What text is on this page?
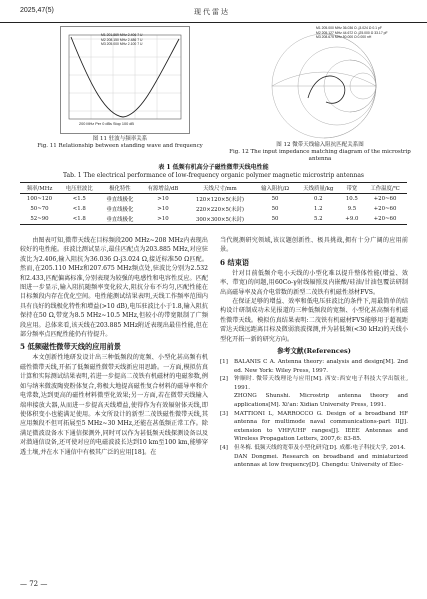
2025,47(5)	现代雷达
M1 201.869 MHz 2.406 7 U
M2 208.150 MHz 2.486 7 U
M3 205.000 MHz 2.100 7 U
200 MHz Per 0 dBs Stop 100 dB
图 11 驻波与频率关系
Fig. 11 Relationship between standing wave and frequency
M1 205.000 MHz 36.036 Ω -j3.024 Ω 0.1 pF
M2 205.127 MHz 44.672 Ω -j25.000 Ω 33.17 pF
M3 208.675 MHz 50.000 Ω 0.000 nH
图 12 微带天线输入阻抗匹配关系图
Fig. 12 The input impedance matching diagram of the microstrip antenna
表 1 低频有机高分子磁性微带天线电性能
Tab. 1 The electrical performance of low-frequency organic polymer magnetic microstrip antennas
频率/MHz	电压驻波比	极化特性	有源增益/dB	天线尺寸/mm	输入阻抗/Ω	天线质量/kg	带宽	工作温度/℃

100~120	<1.5	垂直线极化	>10	120×120×5(未封)	50	0.2	10.5	+20~60
50~70	<1.8	垂直线极化	>10	220×220×5(未封)	50	1.2	9.5	+20~60
52~90	<1.8	垂直线极化	>10	300×300×5(未封)	50	5.2	+9.0	+20~60

由图表可知,微带天线在目标频段200 MHz~208 MHz内表现出较好的电性能。驻波比测试显示,最佳匹配点为203.885 MHz,对应驻波比为2.406,输入阻抗为36.036 Ω-j3.024 Ω,接近标准50 Ω匹配。然而,在205.110 MHz和207.675 MHz频点处,驻波比分别为2.532和2.433,匹配偏离标准,分别表现为较强的电感性和电容性反应。匹配图进一步显示,输入阻抗随频率变化较大,阻抗分布不均匀,匹配性能在目标频段内存在优化空间。电性能测试结果表明,天线工作频率范围内具有良好的线极化特性和增益(>10 dB),电压驻波比小于1.8,输入阻抗保持在50 Ω,带宽为8.5 MHz~10.5 MHz,但较小的带宽限制了广频段应用。总体来看,该天线在203.885 MHz附近表现出最佳性能,但在部分频率点匹配性能仍有待提升。

5 低频磁性微带天线的应用前景

本文创新性地研发设计出三种低频段的宽频、小型化甚高频有机磁性微带天线,开拓了低频磁性微带天线新应用思路。一方面,模拟仿真计算和实际测试结果表明,若进一步提高二茂铁有机磁材的电磁参数,例如与纳米微波陶瓷粉体复合,将极大地提高磁性复合材料的磁导率和介电常数,达到更高的磁性材料微型化效果;另一方面,若在微带天线输入端串接放大器,从而进一步提高天线增益,使得作为有效辐射体天线,即使体积变小也能满足使用。本文所设计的新型二茂铁磁性微带天线,其应用频段不但可拓展至5 MHz~30 MHz,还能在甚低频正常工作。除满足微波设备水下通信探测外,同时可以作为甚低频天线探测设备以及对潜通信设备,还可使对应的电磁波波长达到10 km至100 km,能够穿透土壤,并在水下通信中有极其广泛的应用[18]。在

当代规测研究领域,该议题创新性、极具挑战,拥有十分广阔的应用前景。

6 结束语

针对目前低频介电小天线的小型化难以提升整体性能(增益、效率、带宽)的问题,用60Co-γ射线辐照及内嵌酸/硅油/甘油包覆法研制出高磁导率及高介电常数的新型二茂铁有机磁性基材FVS。

在保证足够的增益、效率和低电压驻波比的条件下,用最简单的结构设计研制成功未见报道的三种低频段的宽频、小型化甚高频有机磁性微带天线。模拟仿真结果表明:二茂铁有机磁材FVS能够用于超视距雷达天线远距离目标及微弱浪波探测,并为甚低频(<30 kHz)的天线小型化开拓一新的研究方向。

参考文献(References)
[1]	BALANIS C A. Antenna theory: analysis and design[M]. 2nd ed. New York: Wiley Press, 1997.
[2]	钟顺时. 微带天线理论与应用[M]. 西安:西安电子科技大学出版社, 1991.
ZHONG Shunshi. Microstrip antenna theory and applications[M]. Xi'an: Xidian University Press, 1991.
[3]	MATTIONI L, MARROCCO G. Design of a broadband HF antenna for multimode naval communications-part II[J]. extension to VHF/UHF ranges[J]. IEEE Antennas and Wireless Propagation Letters, 2007,6: 83-85.
[4]	但冬梅. 低频天线的宽带及小型化研究[D]. 成都:电子科技大学, 2014.
DAN Dongmei. Research on broadband and miniaturized antennas at low frequency[D]. Chengdu: University of Elec-
— 72 —
